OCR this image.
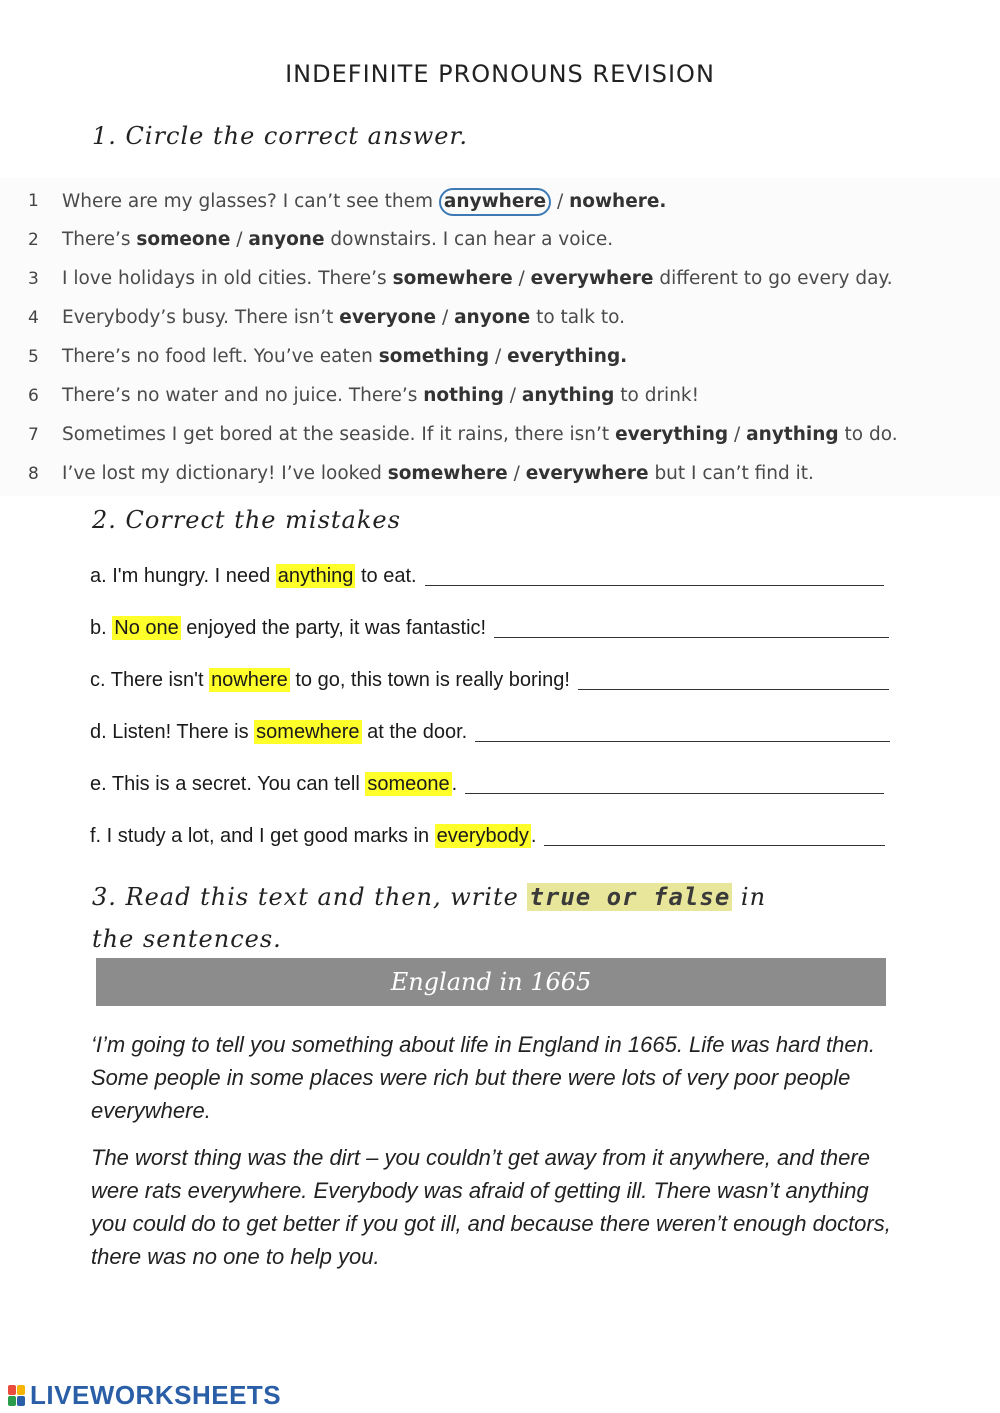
INDEFINITE PRONOUNS REVISION
1. Circle the correct answer.
1 Where are my glasses? I can’t see them anywhere / nowhere.
2 There’s someone / anyone downstairs. I can hear a voice.
3 I love holidays in old cities. There’s somewhere / everywhere different to go every day.
4 Everybody’s busy. There isn’t everyone / anyone to talk to.
5 There’s no food left. You’ve eaten something / everything.
6 There’s no water and no juice. There’s nothing / anything to drink!
7 Sometimes I get bored at the seaside. If it rains, there isn’t everything / anything to do.
8 I’ve lost my dictionary! I’ve looked somewhere / everywhere but I can’t find it.
2. Correct the mistakes
a. I'm hungry. I need anything to eat.
b. No one enjoyed the party, it was fantastic!
c. There isn't nowhere to go, this town is really boring!
d. Listen! There is somewhere at the door.
e. This is a secret. You can tell someone .
f. I study a lot, and I get good marks in everybody .
3. Read this text and then, write true or false in the sentences.
England in 1665
‘I’m going to tell you something about life in England in 1665. Life was hard then. Some people in some places were rich but there were lots of very poor people everywhere.
The worst thing was the dirt – you couldn’t get away from it anywhere, and there were rats everywhere. Everybody was afraid of getting ill. There wasn’t anything you could do to get better if you got ill, and because there weren’t enough doctors, there was no one to help you.
LIVEWORKSHEETS
